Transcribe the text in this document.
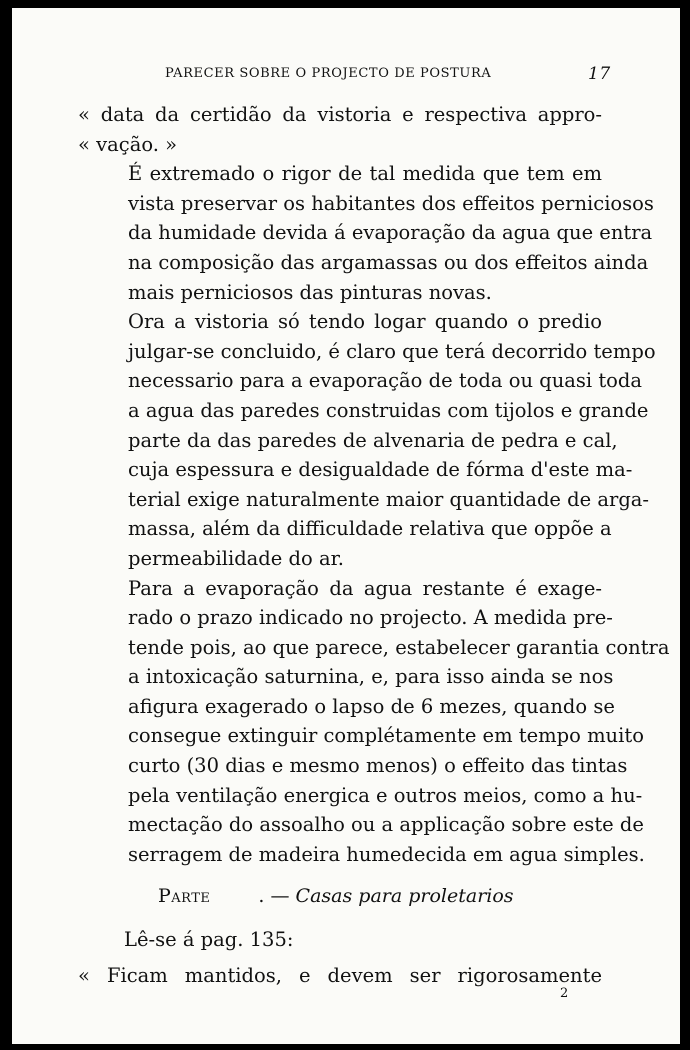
PARECER SOBRE O PROJECTO DE POSTURA	17

« data da certidão da vistoria e respectiva appro-
« vação. »

É extremado o rigor de tal medida que tem em
vista preservar os habitantes dos effeitos perniciosos
da humidade devida á evaporação da agua que entra
na composição das argamassas ou dos effeitos ainda
mais perniciosos das pinturas novas.

Ora a vistoria só tendo logar quando o predio
julgar-se concluido, é claro que terá decorrido tempo
necessario para a evaporação de toda ou quasi toda
a agua das paredes construidas com tijolos e grande
parte da das paredes de alvenaria de pedra e cal,
cuja espessura e desigualdade de fórma d'este ma-
terial exige naturalmente maior quantidade de arga-
massa, além da difficuldade relativa que oppõe a
permeabilidade do ar.

Para a evaporação da agua restante é exage-
rado o prazo indicado no projecto. A medida pre-
tende pois, ao que parece, estabelecer garantia contra
a intoxicação saturnina, e, para isso ainda se nos
afigura exagerado o lapso de 6 mezes, quando se
consegue extinguir complétamente em tempo muito
curto (30 dias e mesmo menos) o effeito das tintas
pela ventilação energica e outros meios, como a hu-
mectação do assoalho ou a applicação sobre este de
serragem de madeira humedecida em agua simples.

Parte	. — Casas para proletarios
Lê-se á pag. 135:
« Ficam mantidos, e devem ser rigorosamente
2
